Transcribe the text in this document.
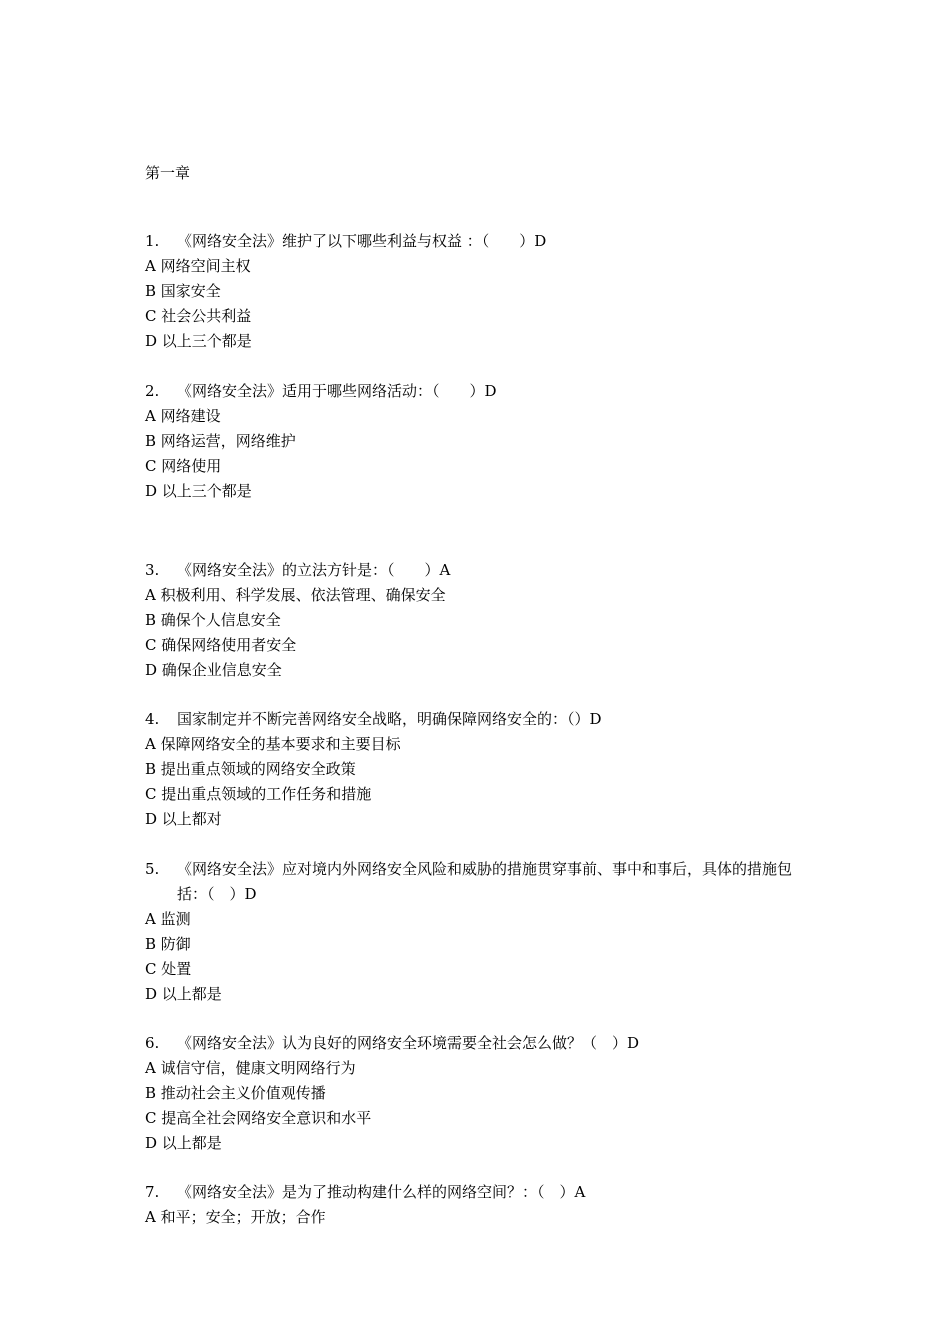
第一章
1.	《网络安全法》维护了以下哪些利益与权益 ：（　　）D
A 网络空间主权
B 国家安全
C 社会公共利益
D 以上三个都是
2.	《网络安全法》适用于哪些网络活动：（　　）D
A 网络建设
B 网络运营，网络维护
C 网络使用
D 以上三个都是
3.	《网络安全法》的立法方针是：（　　）A
A 积极利用、科学发展、依法管理、确保安全
B 确保个人信息安全
C 确保网络使用者安全
D 确保企业信息安全
4.	国家制定并不断完善网络安全战略，明确保障网络安全的：（）D
A 保障网络安全的基本要求和主要目标
B 提出重点领域的网络安全政策
C 提出重点领域的工作任务和措施
D 以上都对
5.	《网络安全法》应对境内外网络安全风险和威胁的措施贯穿事前、事中和事后，具体的措施包括：（　）D
A 监测
B 防御
C 处置
D 以上都是
6.	《网络安全法》认为良好的网络安全环境需要全社会怎么做？（　）D
A 诚信守信，健康文明网络行为
B 推动社会主义价值观传播
C 提高全社会网络安全意识和水平
D 以上都是
7.	《网络安全法》是为了推动构建什么样的网络空间？：（　）A
A 和平；安全；开放；合作
